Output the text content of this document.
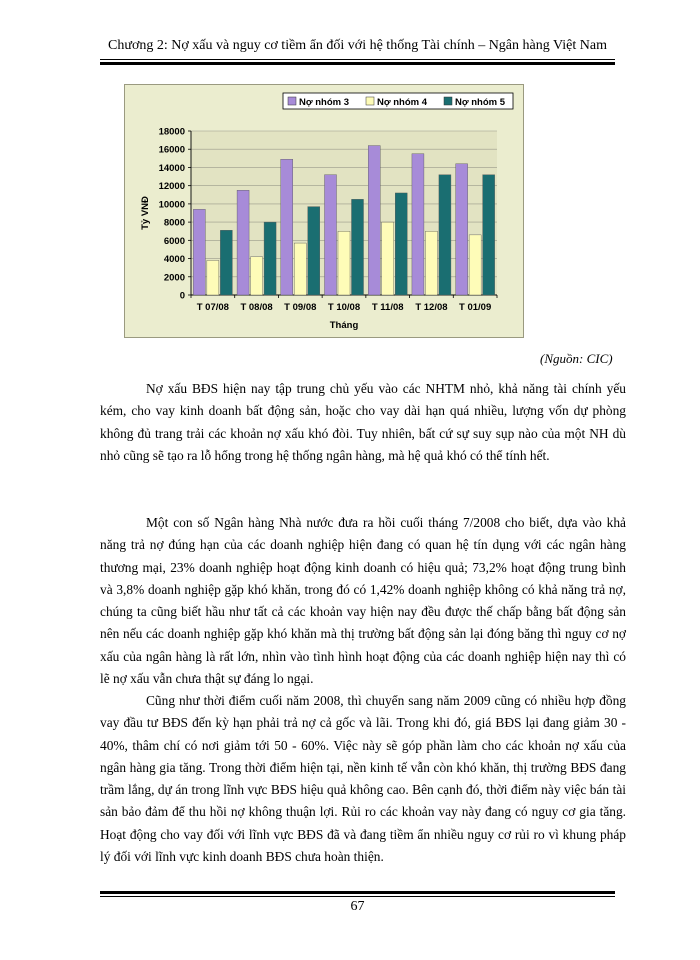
Chương 2: Nợ xấu và nguy cơ tiềm ẩn đối với hệ thống Tài chính – Ngân hàng Việt Nam
0
2000
4000
6000
8000
10000
12000
14000
16000
18000
T 07/08 T 08/08 T 09/08 T 10/08 T 11/08 T 12/08 T 01/09
Tháng
Tỷ VNĐ
Nợ nhóm 3	Nợ nhóm 4	Nợ nhóm 5
(Nguồn: CIC)

Nợ xấu BĐS hiện nay tập trung chủ yếu vào các NHTM nhỏ, khả năng tài chính yếu kém, cho vay kinh doanh bất động sản, hoặc cho vay dài hạn quá nhiều, lượng vốn dự phòng không đủ trang trải các khoản nợ xấu khó đòi. Tuy nhiên, bất cứ sự suy sụp nào của một NH dù nhỏ cũng sẽ tạo ra lỗ hổng trong hệ thống ngân hàng, mà hệ quả khó có thể tính hết.

Một con số Ngân hàng Nhà nước đưa ra hồi cuối tháng 7/2008 cho biết, dựa vào khả năng trả nợ đúng hạn của các doanh nghiệp hiện đang có quan hệ tín dụng với các ngân hàng thương mại, 23% doanh nghiệp hoạt động kinh doanh có hiệu quả; 73,2% hoạt động trung bình và 3,8% doanh nghiệp gặp khó khăn, trong đó có 1,42% doanh nghiệp không có khả năng trả nợ, chúng ta cũng biết hầu như tất cả các khoản vay hiện nay đều được thế chấp bằng bất động sản nên nếu các doanh nghiệp gặp khó khăn mà thị trường bất động sản lại đóng băng thì nguy cơ nợ xấu của ngân hàng là rất lớn, nhìn vào tình hình hoạt động của các doanh nghiệp hiện nay thì có lẽ nợ xấu vẫn chưa thật sự đáng lo ngại.

Cũng như thời điểm cuối năm 2008, thì chuyển sang năm 2009 cũng có nhiều hợp đồng vay đầu tư BĐS đến kỳ hạn phải trả nợ cả gốc và lãi. Trong khi đó, giá BĐS lại đang giảm 30 - 40%, thâm chí có nơi giảm tới 50 - 60%. Việc này sẽ góp phần làm cho các khoản nợ xấu của ngân hàng gia tăng. Trong thời điểm hiện tại, nền kinh tế vẫn còn khó khăn, thị trường BĐS đang trầm lắng, dự án trong lĩnh vực BĐS hiệu quả không cao. Bên cạnh đó, thời điểm này việc bán tài sản bảo đảm để thu hồi nợ không thuận lợi. Rủi ro các khoản vay này đang có nguy cơ gia tăng. Hoạt động cho vay đối với lĩnh vực BĐS đã và đang tiềm ẩn nhiều nguy cơ rủi ro vì khung pháp lý đối với lĩnh vực kinh doanh BĐS chưa hoàn thiện.

67
